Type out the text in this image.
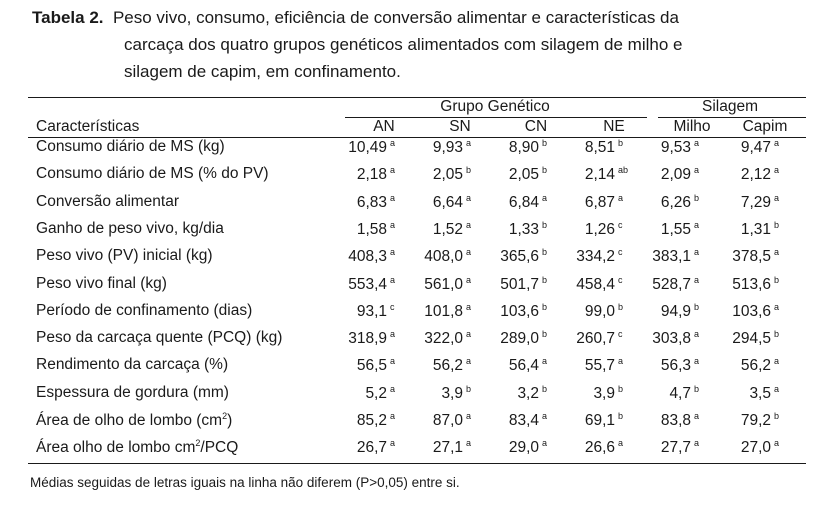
Tabela 2. Peso vivo, consumo, eficiência de conversão alimentar e características da
carcaça dos quatro grupos genéticos alimentados com silagem de milho e
silagem de capim, em confinamento.
Grupo Genético	Silagem
Características	AN	SN	CN	NE	Milho	Capim
Consumo diário de MS (kg)	10,49 a	9,93 a	8,90 b	8,51 b	9,53 a	9,47 a
Consumo diário de MS (% do PV)	2,18 a	2,05 b	2,05 b	2,14 ab	2,09 a	2,12 a
Conversão alimentar	6,83 a	6,64 a	6,84 a	6,87 a	6,26 b	7,29 a
Ganho de peso vivo, kg/dia	1,58 a	1,52 a	1,33 b	1,26 c	1,55 a	1,31 b
Peso vivo (PV) inicial (kg)	408,3 a	408,0 a	365,6 b	334,2 c	383,1 a	378,5 a
Peso vivo final (kg)	553,4 a	561,0 a	501,7 b	458,4 c	528,7 a	513,6 b
Período de confinamento (dias)	93,1 c	101,8 a	103,6 b	99,0 b	94,9 b	103,6 a
Peso da carcaça quente (PCQ) (kg)	318,9 a	322,0 a	289,0 b	260,7 c	303,8 a	294,5 b
Rendimento da carcaça (%)	56,5 a	56,2 a	56,4 a	55,7 a	56,3 a	56,2 a
Espessura de gordura (mm)	5,2 a	3,9 b	3,2 b	3,9 b	4,7 b	3,5 a
Área de olho de lombo $(cm^2)$	85,2 a	87,0 a	83,4 a	69,1 b	83,8 a	79,2 b
Área olho de lombo $cm^2$/PCQ	26,7 a	27,1 a	29,0 a	26,6 a	27,7 a	27,0 a
Médias seguidas de letras iguais na linha não diferem (P>0,05) entre si.
